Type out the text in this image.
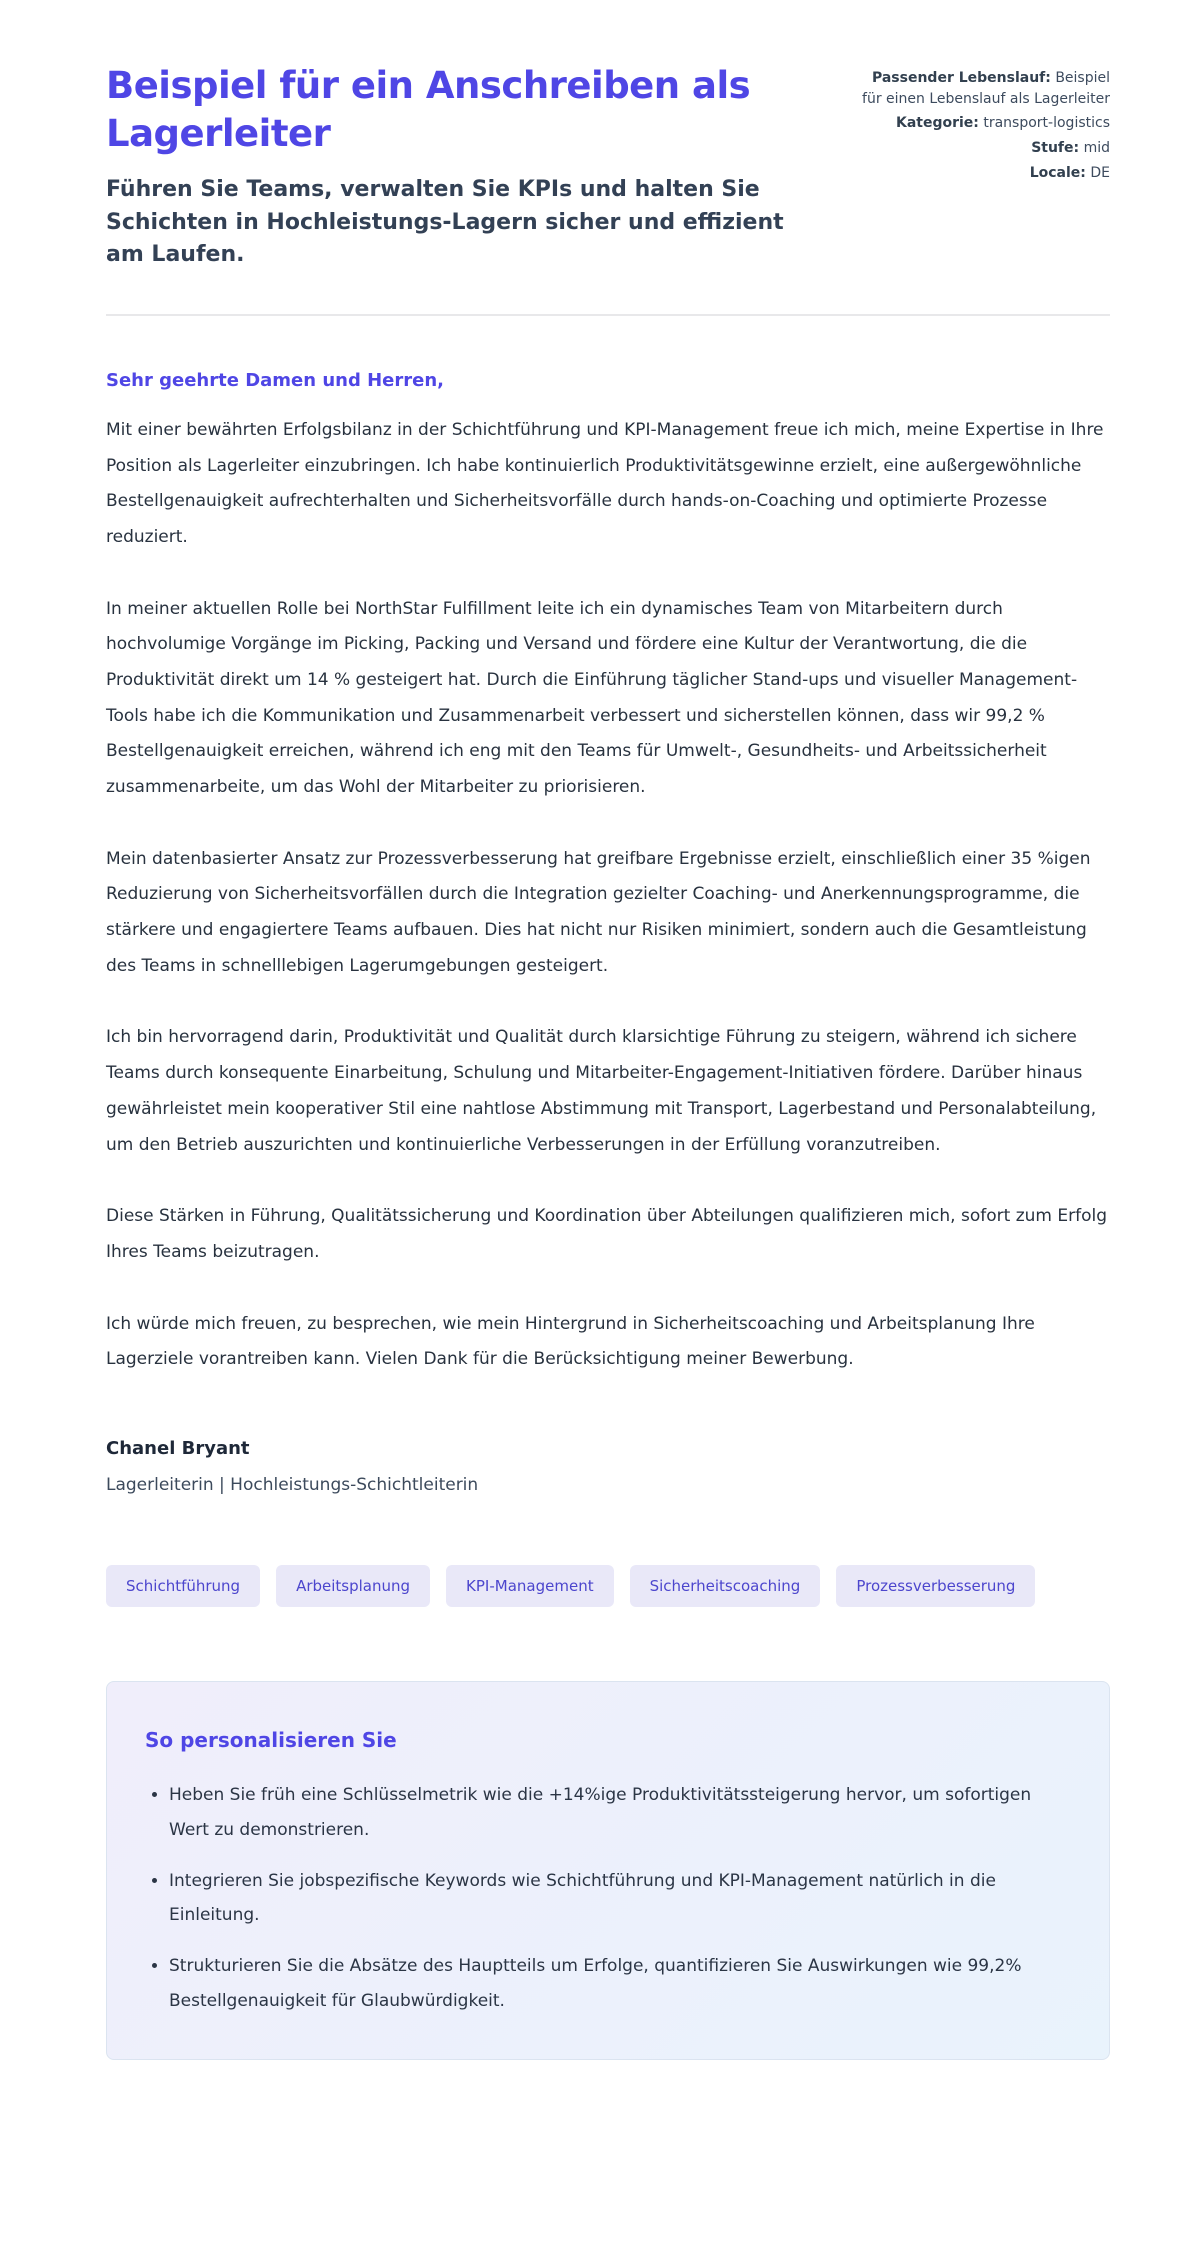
Beispiel für ein Anschreiben als Lagerleiter

Führen Sie Teams, verwalten Sie KPIs und halten Sie Schichten in Hochleistungs-Lagern sicher und effizient am Laufen.

Passender Lebenslauf: Beispiel für einen Lebenslauf als Lagerleiter
Kategorie: transport-logistics
Stufe: mid
Locale: DE

Sehr geehrte Damen und Herren,

Mit einer bewährten Erfolgsbilanz in der Schichtführung und KPI-Management freue ich mich, meine Expertise in Ihre Position als Lagerleiter einzubringen. Ich habe kontinuierlich Produktivitätsgewinne erzielt, eine außergewöhnliche Bestellgenauigkeit aufrechterhalten und Sicherheitsvorfälle durch hands-on-Coaching und optimierte Prozesse reduziert.

In meiner aktuellen Rolle bei NorthStar Fulfillment leite ich ein dynamisches Team von Mitarbeitern durch hochvolumige Vorgänge im Picking, Packing und Versand und fördere eine Kultur der Verantwortung, die die Produktivität direkt um 14 % gesteigert hat. Durch die Einführung täglicher Stand-ups und visueller Management-Tools habe ich die Kommunikation und Zusammenarbeit verbessert und sicherstellen können, dass wir 99,2 % Bestellgenauigkeit erreichen, während ich eng mit den Teams für Umwelt-, Gesundheits- und Arbeitssicherheit zusammenarbeite, um das Wohl der Mitarbeiter zu priorisieren.

Mein datenbasierter Ansatz zur Prozessverbesserung hat greifbare Ergebnisse erzielt, einschließlich einer 35 %igen Reduzierung von Sicherheitsvorfällen durch die Integration gezielter Coaching- und Anerkennungsprogramme, die stärkere und engagiertere Teams aufbauen. Dies hat nicht nur Risiken minimiert, sondern auch die Gesamtleistung des Teams in schnelllebigen Lagerumgebungen gesteigert.

Ich bin hervorragend darin, Produktivität und Qualität durch klarsichtige Führung zu steigern, während ich sichere Teams durch konsequente Einarbeitung, Schulung und Mitarbeiter-Engagement-Initiativen fördere. Darüber hinaus gewährleistet mein kooperativer Stil eine nahtlose Abstimmung mit Transport, Lagerbestand und Personalabteilung, um den Betrieb auszurichten und kontinuierliche Verbesserungen in der Erfüllung voranzutreiben.

Diese Stärken in Führung, Qualitätssicherung und Koordination über Abteilungen qualifizieren mich, sofort zum Erfolg Ihres Teams beizutragen.

Ich würde mich freuen, zu besprechen, wie mein Hintergrund in Sicherheitscoaching und Arbeitsplanung Ihre Lagerziele vorantreiben kann. Vielen Dank für die Berücksichtigung meiner Bewerbung.

Chanel Bryant

Lagerleiterin | Hochleistungs-Schichtleiterin

Schichtführung	Arbeitsplanung	KPI-Management	Sicherheitscoaching	Prozessverbesserung
So personalisieren Sie
• Heben Sie früh eine Schlüsselmetrik wie die +14%ige Produktivitätssteigerung hervor, um sofortigen Wert zu demonstrieren.
• Integrieren Sie jobspezifische Keywords wie Schichtführung und KPI-Management natürlich in die Einleitung.
• Strukturieren Sie die Absätze des Hauptteils um Erfolge, quantifizieren Sie Auswirkungen wie 99,2% Bestellgenauigkeit für Glaubwürdigkeit.
